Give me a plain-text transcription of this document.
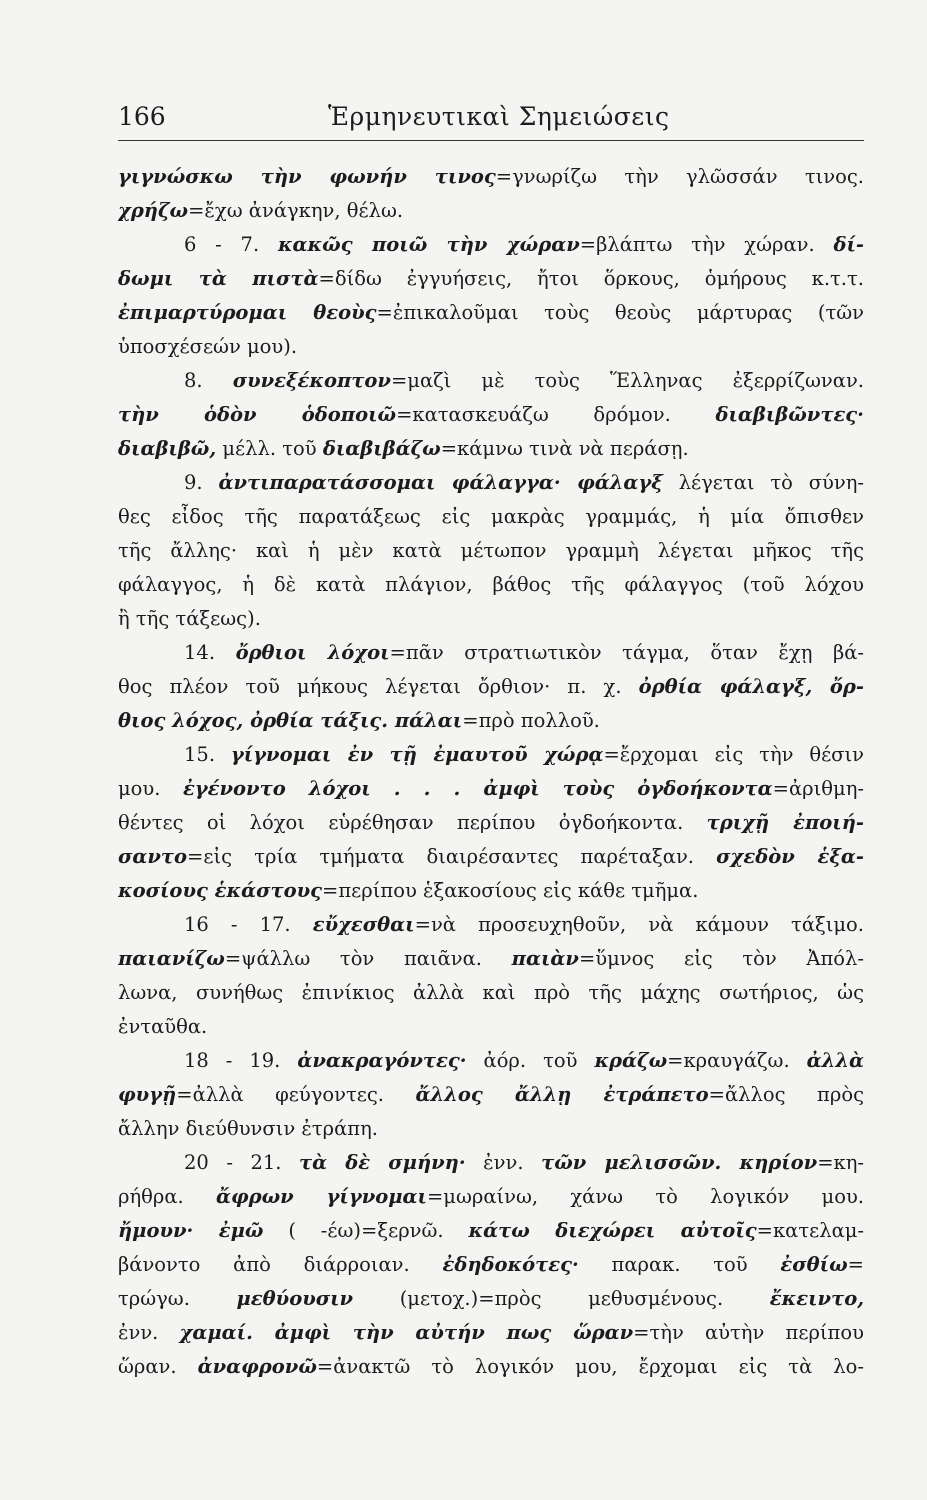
166	Ἑρμηνευτικαὶ Σημειώσεις
γιγνώσκω τὴν φωνήν τινος=γνωρίζω τὴν γλῶσσάν τινος.
χρήζω=ἔχω ἀνάγκην, θέλω.
6 - 7. κακῶς ποιῶ τὴν χώραν=βλάπτω τὴν χώραν. δί-
δωμι τὰ πιστὰ=δίδω ἐγγυήσεις, ἤτοι ὅρκους, ὁμήρους κ.τ.τ.
ἐπιμαρτύρομαι θεοὺς=ἐπικαλοῦμαι τοὺς θεοὺς μάρτυρας (τῶν
ὑποσχέσεών μου).
8. συνεξέκοπτον=μαζὶ μὲ τοὺς Ἕλληνας ἐξερρίζωναν.
τὴν ὁδὸν ὁδοποιῶ=κατασκευάζω δρόμον. διαβιβῶντες·
διαβιβῶ, μέλλ. τοῦ διαβιβάζω=κάμνω τινὰ νὰ περάσῃ.
9. ἀντιπαρατάσσομαι φάλαγγα· φάλαγξ λέγεται τὸ σύνη-
θες εἶδος τῆς παρατάξεως εἰς μακρὰς γραμμάς, ἡ μία ὄπισθεν
τῆς ἄλλης· καὶ ἡ μὲν κατὰ μέτωπον γραμμὴ λέγεται μῆκος τῆς
φάλαγγος, ἡ δὲ κατὰ πλάγιον, βάθος τῆς φάλαγγος (τοῦ λόχου
ἢ τῆς τάξεως).
14. ὄρθιοι λόχοι=πᾶν στρατιωτικὸν τάγμα, ὅταν ἔχῃ βά-
θος πλέον τοῦ μήκους λέγεται ὄρθιον· π. χ. ὀρθία φάλαγξ, ὄρ-
θιος λόχος, ὀρθία τάξις. πάλαι=πρὸ πολλοῦ.
15. γίγνομαι ἐν τῇ ἐμαυτοῦ χώρᾳ=ἔρχομαι εἰς τὴν θέσιν
μου. ἐγένοντο λόχοι . . . ἀμφὶ τοὺς ὀγδοήκοντα=ἀριθμη-
θέντες οἱ λόχοι εὑρέθησαν περίπου ὀγδοήκοντα. τριχῇ ἐποιή-
σαντο=εἰς τρία τμήματα διαιρέσαντες παρέταξαν. σχεδὸν ἑξα-
κοσίους ἑκάστους=περίπου ἑξακοσίους εἰς κάθε τμῆμα.
16 - 17. εὔχεσθαι=νὰ προσευχηθοῦν, νὰ κάμουν τάξιμο.
παιανίζω=ψάλλω τὸν παιᾶνα. παιὰν=ὕμνος εἰς τὸν Ἀπόλ-
λωνα, συνήθως ἐπινίκιος ἀλλὰ καὶ πρὸ τῆς μάχης σωτήριος, ὡς
ἐνταῦθα.
18 - 19. ἀνακραγόντες· ἀόρ. τοῦ κράζω=κραυγάζω. ἀλλὰ
φυγῇ=ἀλλὰ φεύγοντες. ἄλλος ἄλλῃ ἐτράπετο=ἄλλος πρὸς
ἄλλην διεύθυνσιν ἐτράπη.
20 - 21. τὰ δὲ σμήνη· ἐνν. τῶν μελισσῶν. κηρίον=κη-
ρήθρα. ἄφρων γίγνομαι=μωραίνω, χάνω τὸ λογικόν μου.
ἤμουν· ἐμῶ ( -έω)=ξερνῶ. κάτω διεχώρει αὐτοῖς=κατελαμ-
βάνοντο ἀπὸ διάρροιαν. ἐδηδοκότες· παρακ. τοῦ ἐσθίω=
τρώγω. μεθύουσιν (μετοχ.)=πρὸς μεθυσμένους. ἔκειντο,
ἐνν. χαμαί. ἀμφὶ τὴν αὐτήν πως ὥραν=τὴν αὐτὴν περίπου
ὥραν. ἀναφρονῶ=ἀνακτῶ τὸ λογικόν μου, ἔρχομαι εἰς τὰ λο-
